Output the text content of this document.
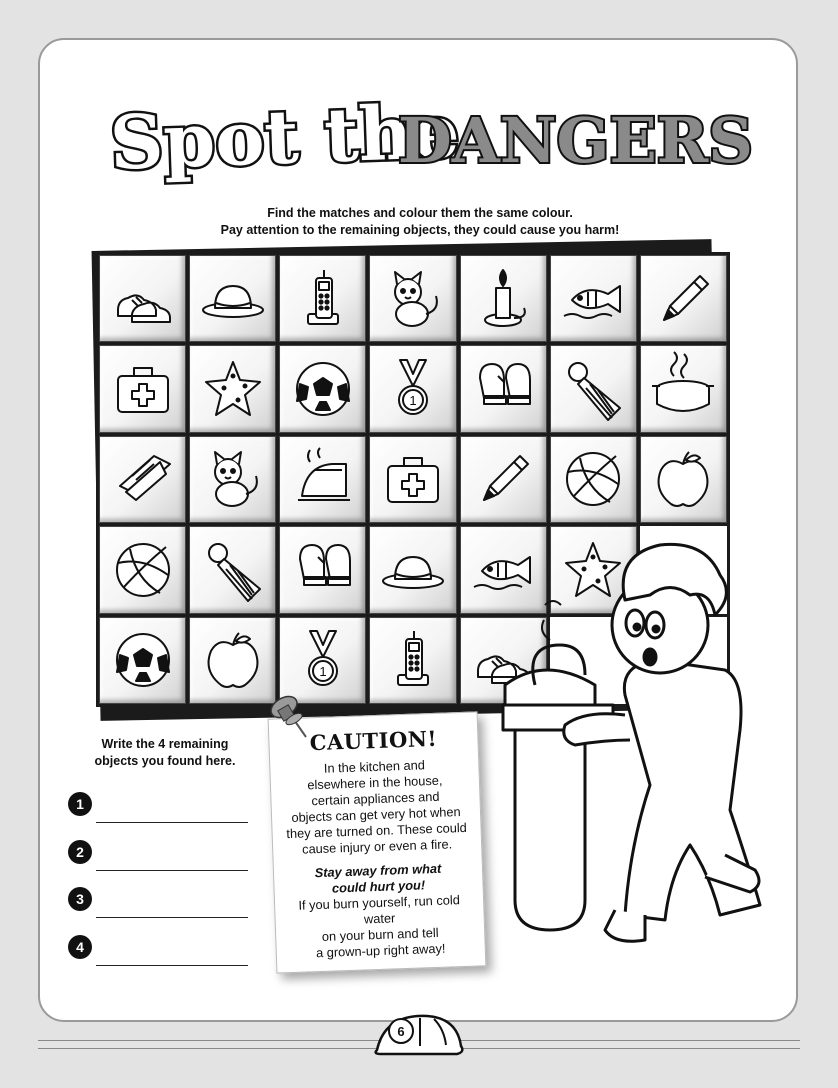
Spot the
DANGERS
Find the matches and colour them the same colour.
Pay attention to the remaining objects, they could cause you harm!
1
1
Write the 4 remaining
objects you found here.
1
2
3
4
CAUTION!

In the kitchen and

elsewhere in the house,

certain appliances and

objects can get very hot when

they are turned on. These could

cause injury or even a fire.

Stay away from what

could hurt you!

If you burn yourself, run cold water

on your burn and tell

a grown-up right away!

6
